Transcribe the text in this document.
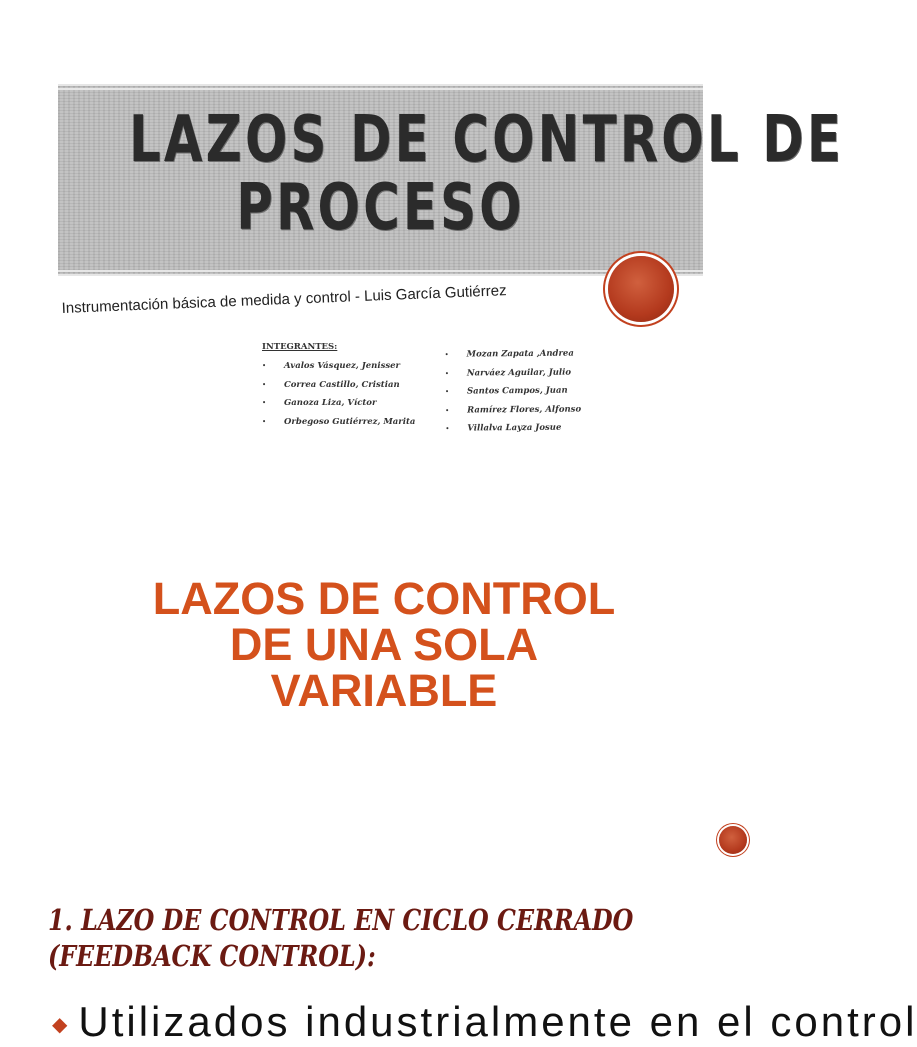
LAZOS DE CONTROL DE
PROCESO
Instrumentación básica de medida y control - Luis García Gutiérrez
INTEGRANTES:
• Avalos Vásquez, Jenisser
• Correa Castillo, Cristian
• Ganoza Liza, Víctor
• Orbegoso Gutiérrez, Marita
• Mozan Zapata ,Andrea
• Narváez Aguilar, Julio
• Santos Campos, Juan
• Ramírez Flores, Alfonso
• Villalva Layza Josue
LAZOS DE CONTROL
DE UNA SOLA
VARIABLE
1. LAZO DE CONTROL EN CICLO CERRADO
(FEEDBACK CONTROL):
◆ Utilizados industrialmente en el control
